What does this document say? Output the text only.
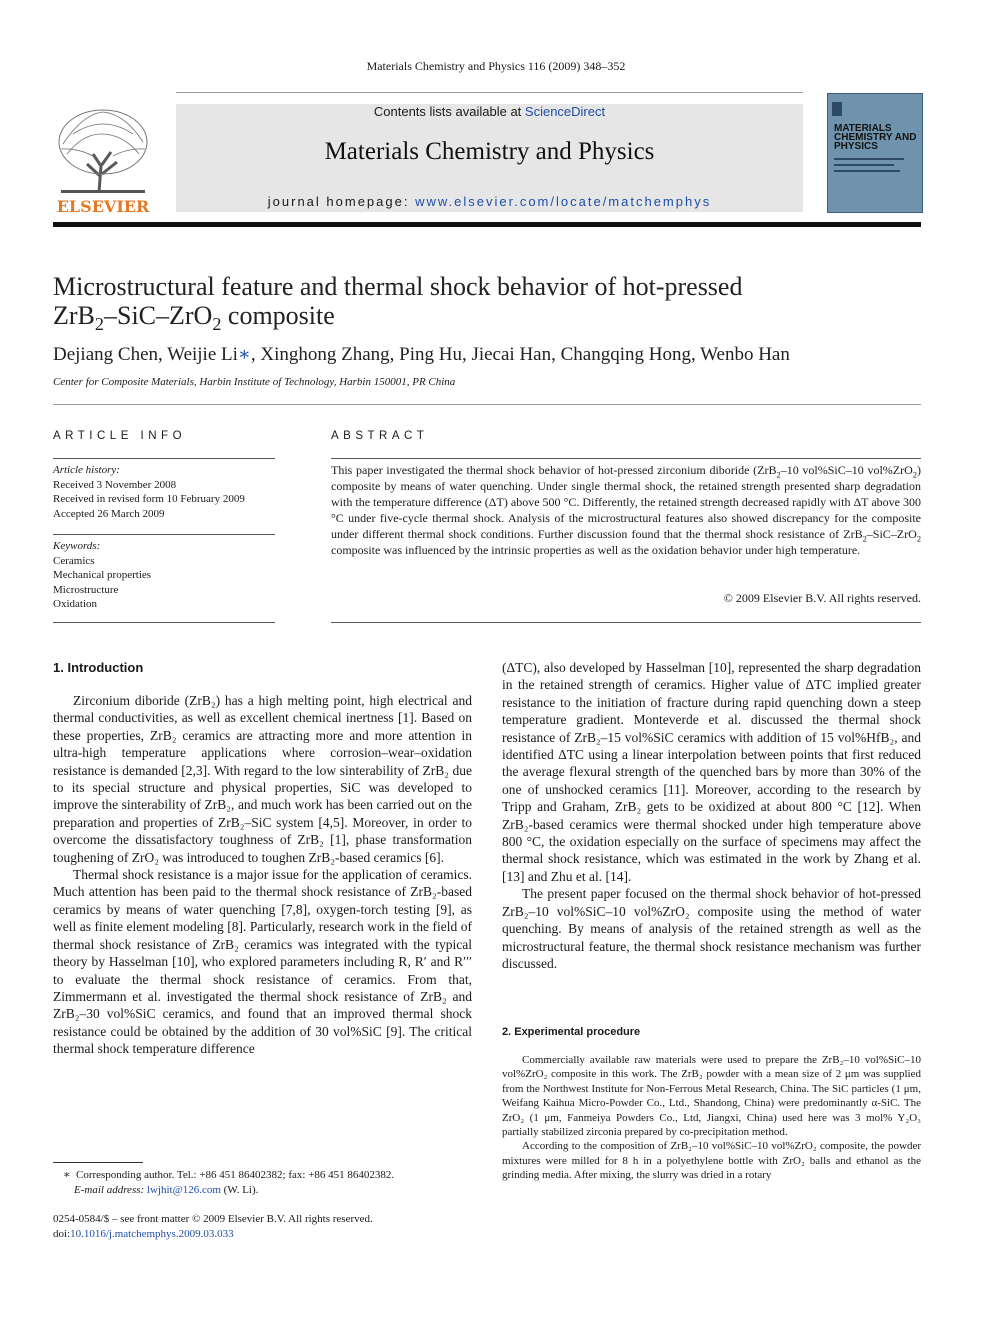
Materials Chemistry and Physics 116 (2009) 348–352
ELSEVIER
Contents lists available at ScienceDirect
Materials Chemistry and Physics
journal homepage: www.elsevier.com/locate/matchemphys
MATERIALS CHEMISTRY AND PHYSICS
Microstructural feature and thermal shock behavior of hot-pressed
ZrB$_2$–SiC–ZrO$_2$ composite
Dejiang Chen, Weijie Li∗, Xinghong Zhang, Ping Hu, Jiecai Han, Changqing Hong, Wenbo Han
Center for Composite Materials, Harbin Institute of Technology, Harbin 150001, PR China
ARTICLE INFO	ABSTRACT
Article history:
Received 3 November 2008
Received in revised form 10 February 2009
Accepted 26 March 2009
Keywords:
Ceramics
Mechanical properties
Microstructure
Oxidation
This paper investigated the thermal shock behavior of hot-pressed zirconium diboride (ZrB$_2$–10 vol%SiC–10 vol%ZrO$_2$) composite by means of water quenching. Under single thermal shock, the retained strength presented sharp degradation with the temperature difference (ΔT) above 500 °C. Differently, the retained strength decreased rapidly with ΔT above 300 °C under five-cycle thermal shock. Analysis of the microstructural features also showed discrepancy for the composite under different thermal shock conditions. Further discussion found that the thermal shock resistance of ZrB$_2$–SiC–ZrO$_2$ composite was influenced by the intrinsic properties as well as the oxidation behavior under high temperature.
© 2009 Elsevier B.V. All rights reserved.
1. Introduction

Zirconium diboride (ZrB₂) has a high melting point, high electrical and thermal conductivities, as well as excellent chemical inertness [1]. Based on these properties, ZrB₂ ceramics are attracting more and more attention in ultra-high temperature applications where corrosion–wear–oxidation resistance is demanded [2,3]. With regard to the low sinterability of ZrB₂ due to its special structure and physical properties, SiC was developed to improve the sinterability of ZrB₂, and much work has been carried out on the preparation and properties of ZrB₂–SiC system [4,5]. Moreover, in order to overcome the dissatisfactory toughness of ZrB₂ [1], phase transformation toughening of ZrO₂ was introduced to toughen ZrB₂-based ceramics [6].

Thermal shock resistance is a major issue for the application of ceramics. Much attention has been paid to the thermal shock resistance of ZrB₂-based ceramics by means of water quenching [7,8], oxygen-torch testing [9], as well as finite element modeling [8]. Particularly, research work in the field of thermal shock resistance of ZrB₂ ceramics was integrated with the typical theory by Hasselman [10], who explored parameters including R, R′ and R′′′ to evaluate the thermal shock resistance of ceramics. From that, Zimmermann et al. investigated the thermal shock resistance of ZrB₂ and ZrB₂–30 vol%SiC ceramics, and found that an improved thermal shock resistance could be obtained by the addition of 30 vol%SiC [9]. The critical thermal shock temperature difference

(ΔTC), also developed by Hasselman [10], represented the sharp degradation in the retained strength of ceramics. Higher value of ΔTC implied greater resistance to the initiation of fracture during rapid quenching down a steep temperature gradient. Monteverde et al. discussed the thermal shock resistance of ZrB₂–15 vol%SiC ceramics with addition of 15 vol%HfB₂, and identified ΔTC using a linear interpolation between points that first reduced the average flexural strength of the quenched bars by more than 30% of the one of unshocked ceramics [11]. Moreover, according to the research by Tripp and Graham, ZrB₂ gets to be oxidized at about 800 °C [12]. When ZrB₂-based ceramics were thermal shocked under high temperature above 800 °C, the oxidation especially on the surface of specimens may affect the thermal shock resistance, which was estimated in the work by Zhang et al. [13] and Zhu et al. [14].

The present paper focused on the thermal shock behavior of hot-pressed ZrB₂–10 vol%SiC–10 vol%ZrO₂ composite using the method of water quenching. By means of analysis of the retained strength as well as the microstructural feature, the thermal shock resistance mechanism was further discussed.

2. Experimental procedure

Commercially available raw materials were used to prepare the ZrB₂–10 vol%SiC–10 vol%ZrO₂ composite in this work. The ZrB₂ powder with a mean size of 2 μm was supplied from the Northwest Institute for Non-Ferrous Metal Research, China. The SiC particles (1 μm, Weifang Kaihua Micro-Powder Co., Ltd., Shandong, China) were predominantly α-SiC. The ZrO₂ (1 μm, Fanmeiya Powders Co., Ltd, Jiangxi, China) used here was 3 mol% Y₂O₃ partially stabilized zirconia prepared by co-precipitation method.

According to the composition of ZrB₂–10 vol%SiC–10 vol%ZrO₂ composite, the powder mixtures were milled for 8 h in a polyethylene bottle with ZrO₂ balls and ethanol as the grinding media. After mixing, the slurry was dried in a rotary

∗ Corresponding author. Tel.: +86 451 86402382; fax: +86 451 86402382.
E-mail address: lwjhit@126.com (W. Li).
0254-0584/$ – see front matter © 2009 Elsevier B.V. All rights reserved.
doi:10.1016/j.matchemphys.2009.03.033
